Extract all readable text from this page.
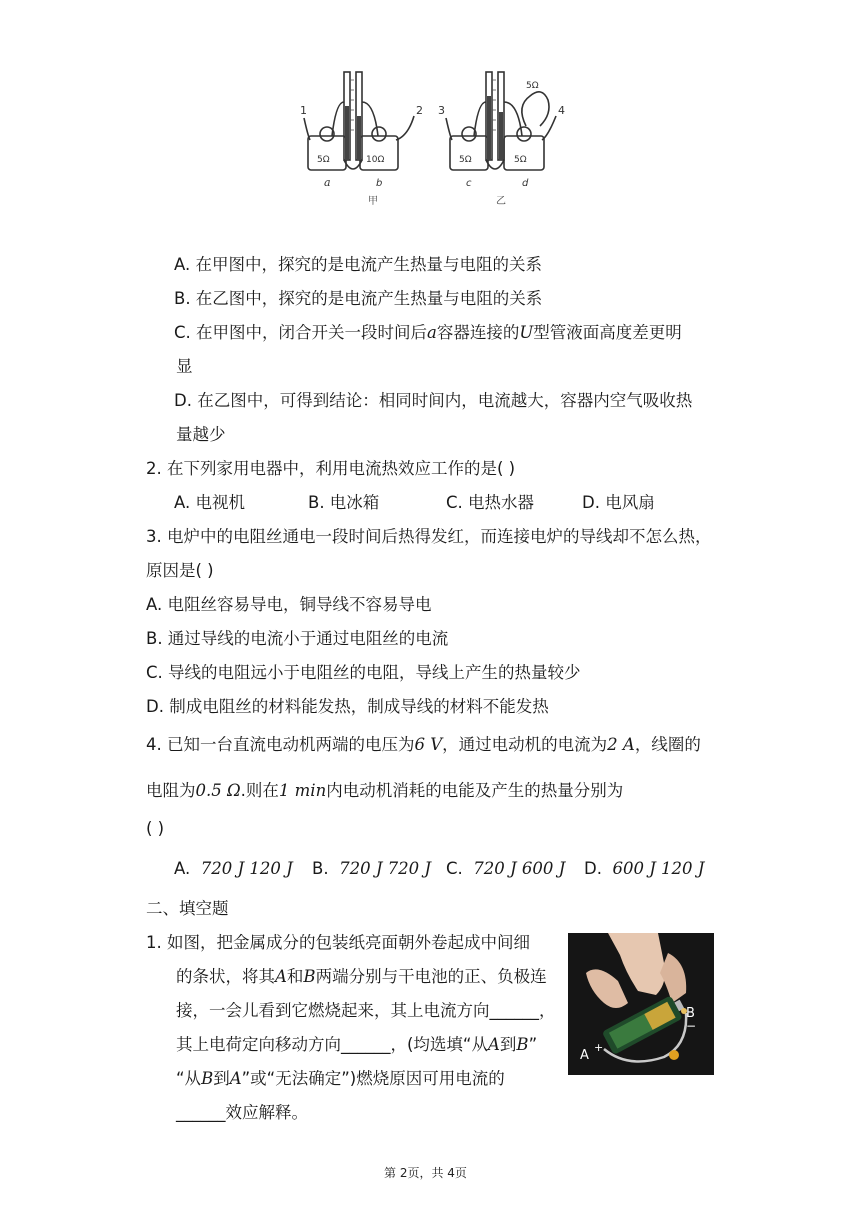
1	2 3	4
5Ω	10Ω	5Ω	5Ω
5Ω
a	b	c	d
甲	乙
A. 在甲图中，探究的是电流产生热量与电阻的关系
B. 在乙图中，探究的是电流产生热量与电阻的关系
C. 在甲图中，闭合开关一段时间后a容器连接的U型管液面高度差更明
显
D. 在乙图中，可得到结论：相同时间内，电流越大，容器内空气吸收热
量越少
2. 在下列家用电器中，利用电流热效应工作的是( )
A. 电视机	B. 电冰箱	C. 电热水器	D. 电风扇
3. 电炉中的电阻丝通电一段时间后热得发红，而连接电炉的导线却不怎么热，
原因是( )
A. 电阻丝容易导电，铜导线不容易导电
B. 通过导线的电流小于通过电阻丝的电流
C. 导线的电阻远小于电阻丝的电阻，导线上产生的热量较少
D. 制成电阻丝的材料能发热，制成导线的材料不能发热
4. 已知一台直流电动机两端的电压为6 V，通过电动机的电流为2 A，线圈的
电阻为0.5 Ω.则在1 min内电动机消耗的电能及产生的热量分别为
( )
A. 720 J 120 J B. 720 J 720 J C. 720 J 600 J D. 600 J 120 J
二、填空题
1. 如图，把金属成分的包装纸亮面朝外卷起成中间细
的条状，将其A和B两端分别与干电池的正、负极连
接，一会儿看到它燃烧起来，其上电流方向______，
其上电荷定向移动方向______，(均选填“从A到B”
“从B到A”或“无法确定”)燃烧原因可用电流的
______效应解释。
B
−
A
+
第 2页，共 4页
